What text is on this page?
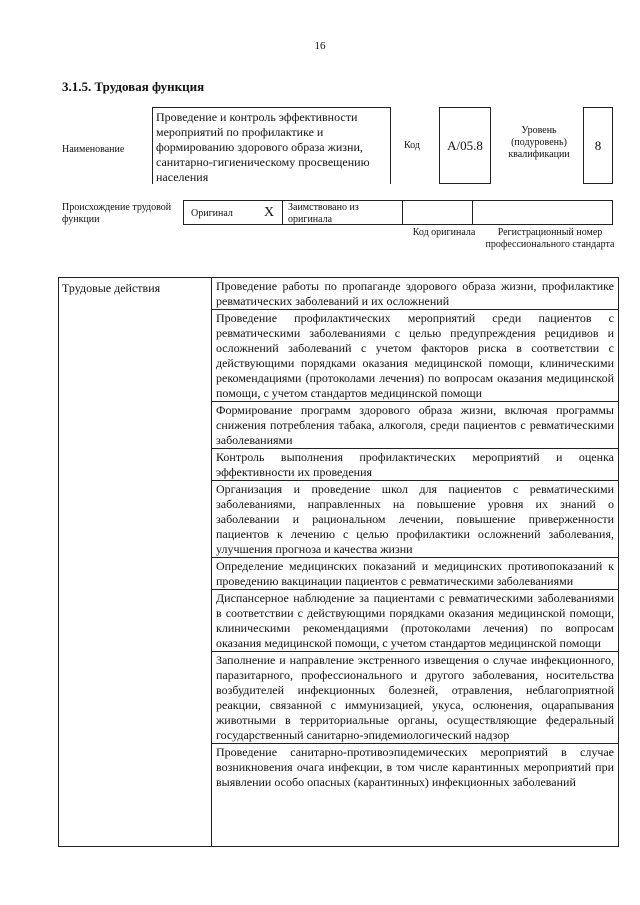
16
3.1.5. Трудовая функция
Наименование
Проведение и контроль эффективности мероприятий по профилактике и формированию здорового образа жизни, санитарно-гигиеническому просвещению населения
Код	A/05.8
Уровень (подуровень) квалификации
8
Происхождение трудовой функции
Оригинал X Заимствовано из оригинала
Код оригинала	Регистрационный номер профессионального стандарта
Трудовые действия	Проведение работы по пропаганде здорового образа жизни, профилактике ревматических заболеваний и их осложнений
Проведение профилактических мероприятий среди пациентов с ревматическими заболеваниями с целью предупреждения рецидивов и осложнений заболеваний с учетом факторов риска в соответствии с действующими порядками оказания медицинской помощи, клиническими рекомендациями (протоколами лечения) по вопросам оказания медицинской помощи, с учетом стандартов медицинской помощи
Формирование программ здорового образа жизни, включая программы снижения потребления табака, алкоголя, среди пациентов с ревматическими заболеваниями
Контроль выполнения профилактических мероприятий и оценка эффективности их проведения
Организация и проведение школ для пациентов с ревматическими заболеваниями, направленных на повышение уровня их знаний о заболевании и рациональном лечении, повышение приверженности пациентов к лечению с целью профилактики осложнений заболевания, улучшения прогноза и качества жизни
Определение медицинских показаний и медицинских противопоказаний к проведению вакцинации пациентов с ревматическими заболеваниями
Диспансерное наблюдение за пациентами с ревматическими заболеваниями в соответствии с действующими порядками оказания медицинской помощи, клиническими рекомендациями (протоколами лечения) по вопросам оказания медицинской помощи, с учетом стандартов медицинской помощи
Заполнение и направление экстренного извещения о случае инфекционного, паразитарного, профессионального и другого заболевания, носительства возбудителей инфекционных болезней, отравления, неблагоприятной реакции, связанной с иммунизацией, укуса, ослюнения, оцарапывания животными в территориальные органы, осуществляющие федеральный государственный санитарно-эпидемиологический надзор
Проведение санитарно-противоэпидемических мероприятий в случае возникновения очага инфекции, в том числе карантинных мероприятий при выявлении особо опасных (карантинных) инфекционных заболеваний
